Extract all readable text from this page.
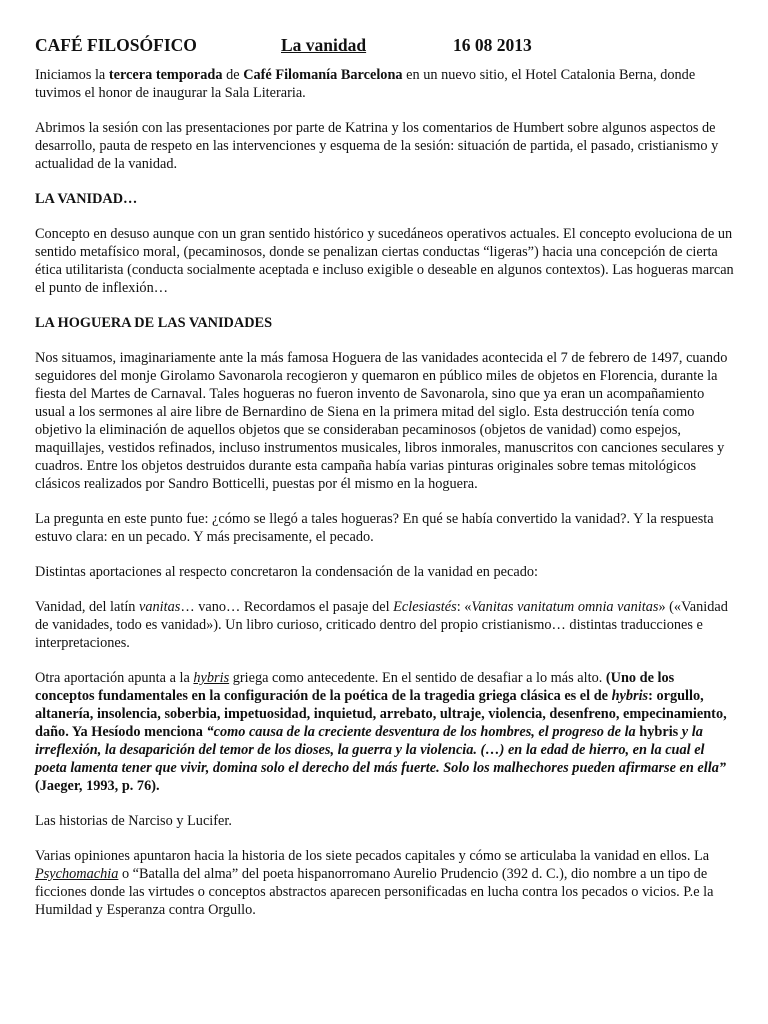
CAFÉ FILOSÓFICO	La vanidad	16 08 2013

Iniciamos la tercera temporada de Café Filomanía Barcelona en un nuevo sitio, el Hotel Catalonia Berna, donde tuvimos el honor de inaugurar la Sala Literaria.

Abrimos la sesión con las presentaciones por parte de Katrina y los comentarios de Humbert sobre algunos aspectos de desarrollo, pauta de respeto en las intervenciones y esquema de la sesión: situación de partida, el pasado, cristianismo y actualidad de la vanidad.

LA VANIDAD…

Concepto en desuso aunque con un gran sentido histórico y sucedáneos operativos actuales. El concepto evoluciona de un sentido metafísico moral, (pecaminosos, donde se penalizan ciertas conductas “ligeras”) hacia una concepción de cierta ética utilitarista (conducta socialmente aceptada e incluso exigible o deseable en algunos contextos). Las hogueras marcan el punto de inflexión…

LA HOGUERA DE LAS VANIDADES

Nos situamos, imaginariamente ante la más famosa Hoguera de las vanidades acontecida el 7 de febrero de 1497, cuando seguidores del monje Girolamo Savonarola recogieron y quemaron en público miles de objetos en Florencia, durante la fiesta del Martes de Carnaval. Tales hogueras no fueron invento de Savonarola, sino que ya eran un acompañamiento usual a los sermones al aire libre de Bernardino de Siena en la primera mitad del siglo. Esta destrucción tenía como objetivo la eliminación de aquellos objetos que se consideraban pecaminosos (objetos de vanidad) como espejos, maquillajes, vestidos refinados, incluso instrumentos musicales, libros inmorales, manuscritos con canciones seculares y cuadros. Entre los objetos destruidos durante esta campaña había varias pinturas originales sobre temas mitológicos clásicos realizados por Sandro Botticelli, puestas por él mismo en la hoguera.

La pregunta en este punto fue: ¿cómo se llegó a tales hogueras? En qué se había convertido la vanidad?. Y la respuesta estuvo clara: en un pecado. Y más precisamente, el pecado.

Distintas aportaciones al respecto concretaron la condensación de la vanidad en pecado:

Vanidad, del latín vanitas… vano… Recordamos el pasaje del Eclesiastés: «Vanitas vanitatum omnia vanitas» («Vanidad de vanidades, todo es vanidad»). Un libro curioso, criticado dentro del propio cristianismo… distintas traducciones e interpretaciones.

Otra aportación apunta a la hybris griega como antecedente. En el sentido de desafiar a lo más alto. (Uno de los conceptos fundamentales en la configuración de la poética de la tragedia griega clásica es el de hybris: orgullo, altanería, insolencia, soberbia, impetuosidad, inquietud, arrebato, ultraje, violencia, desenfreno, empecinamiento, daño. Ya Hesíodo menciona “como causa de la creciente desventura de los hombres, el progreso de la hybris y la irreflexión, la desaparición del temor de los dioses, la guerra y la violencia. (…) en la edad de hierro, en la cual el poeta lamenta tener que vivir, domina solo el derecho del más fuerte. Solo los malhechores pueden afirmarse en ella” (Jaeger, 1993, p. 76).

Las historias de Narciso y Lucifer.

Varias opiniones apuntaron hacia la historia de los siete pecados capitales y cómo se articulaba la vanidad en ellos. La Psychomachia o “Batalla del alma” del poeta hispanorromano Aurelio Prudencio (392 d. C.), dio nombre a un tipo de ficciones donde las virtudes o conceptos abstractos aparecen personificadas en lucha contra los pecados o vicios. P.e la Humildad y Esperanza contra Orgullo.
